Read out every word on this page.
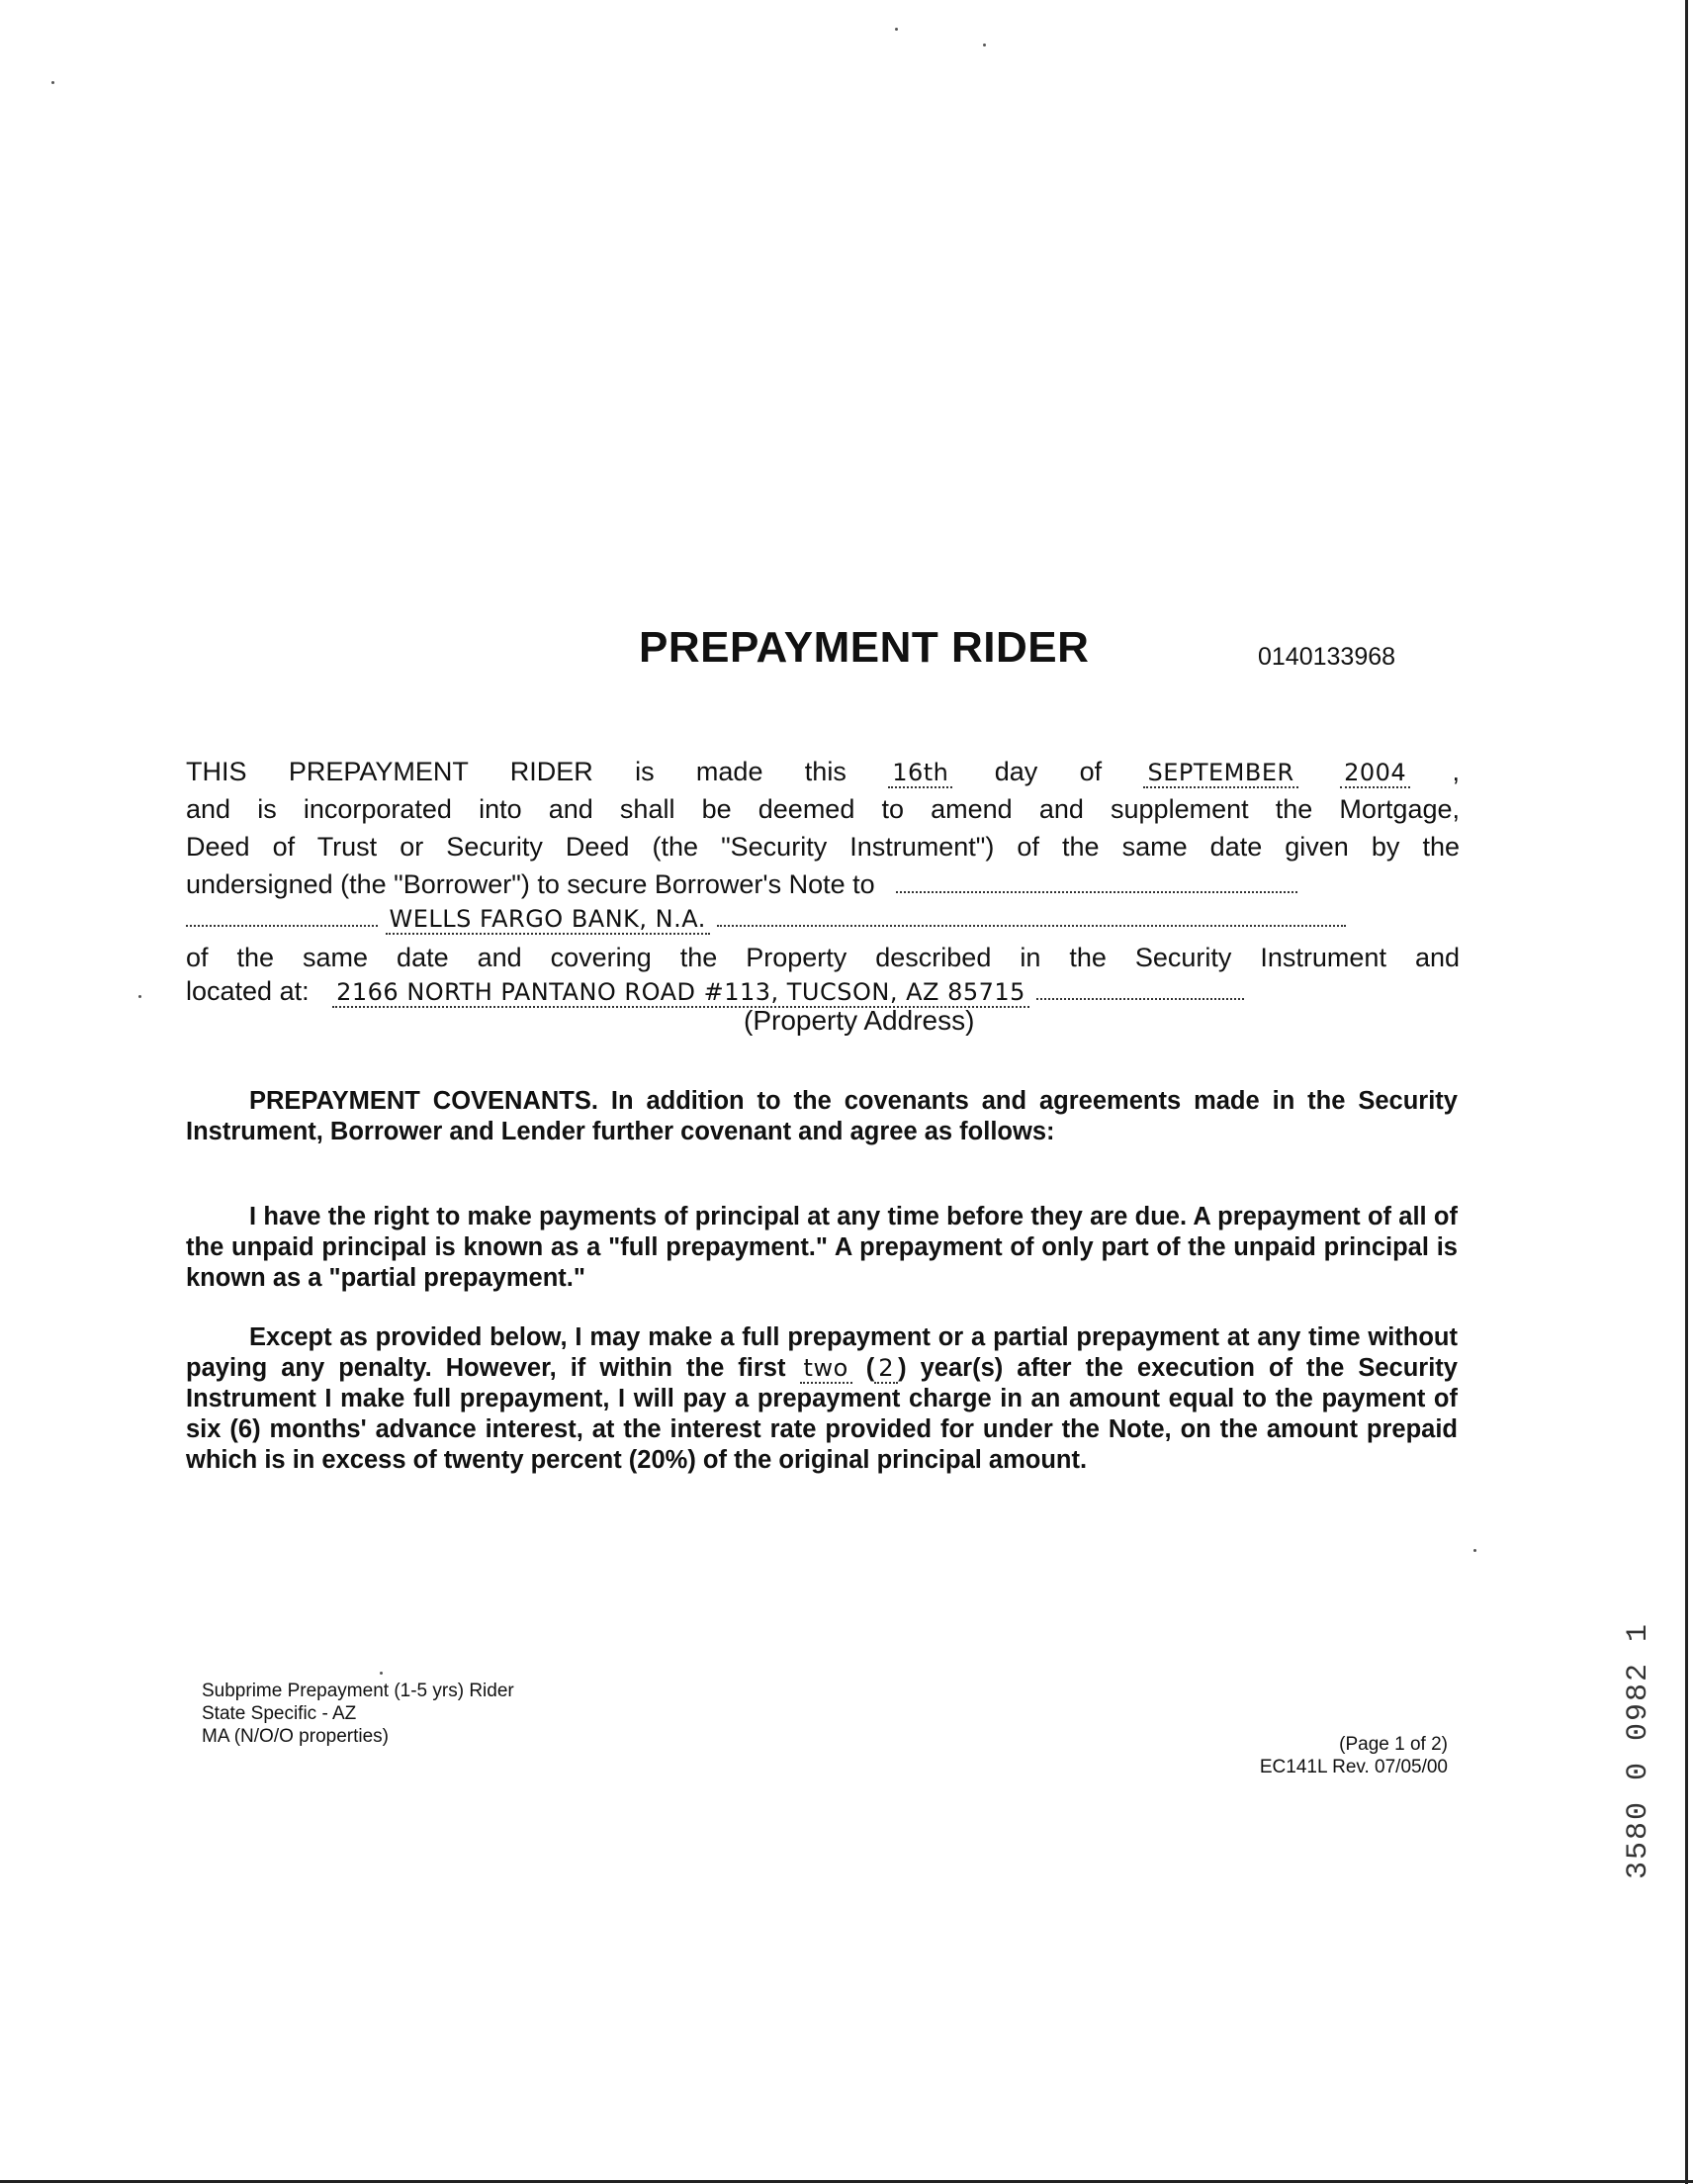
PREPAYMENT RIDER	0140133968
THIS PREPAYMENT RIDER is made this 16th day of SEPTEMBER 2004 ,
and is incorporated into and shall be deemed to amend and supplement the Mortgage,
Deed of Trust or Security Deed (the "Security Instrument") of the same date given by the
undersigned (the "Borrower") to secure Borrower's Note to
WELLS FARGO BANK, N.A.
of the same date and covering the Property described in the Security Instrument and
located at: 2166 NORTH PANTANO ROAD #113, TUCSON, AZ 85715
(Property Address)
PREPAYMENT COVENANTS. In addition to the covenants and agreements made in the Security Instrument, Borrower and Lender further covenant and agree as follows:
I have the right to make payments of principal at any time before they are due. A prepayment of all of the unpaid principal is known as a "full prepayment." A prepayment of only part of the unpaid principal is known as a "partial prepayment."
Except as provided below, I may make a full prepayment or a partial prepayment at any time without paying any penalty. However, if within the first two ( 2 ) year(s) after the execution of the Security Instrument I make full prepayment, I will pay a prepayment charge in an amount equal to the payment of six (6) months' advance interest, at the interest rate provided for under the Note, on the amount prepaid which is in excess of twenty percent (20%) of the original principal amount.
Subprime Prepayment (1-5 yrs) Rider
State Specific - AZ
MA (N/O/O properties)	(Page 1 of 2)
EC141L Rev. 07/05/00	3580 0 0982 1
